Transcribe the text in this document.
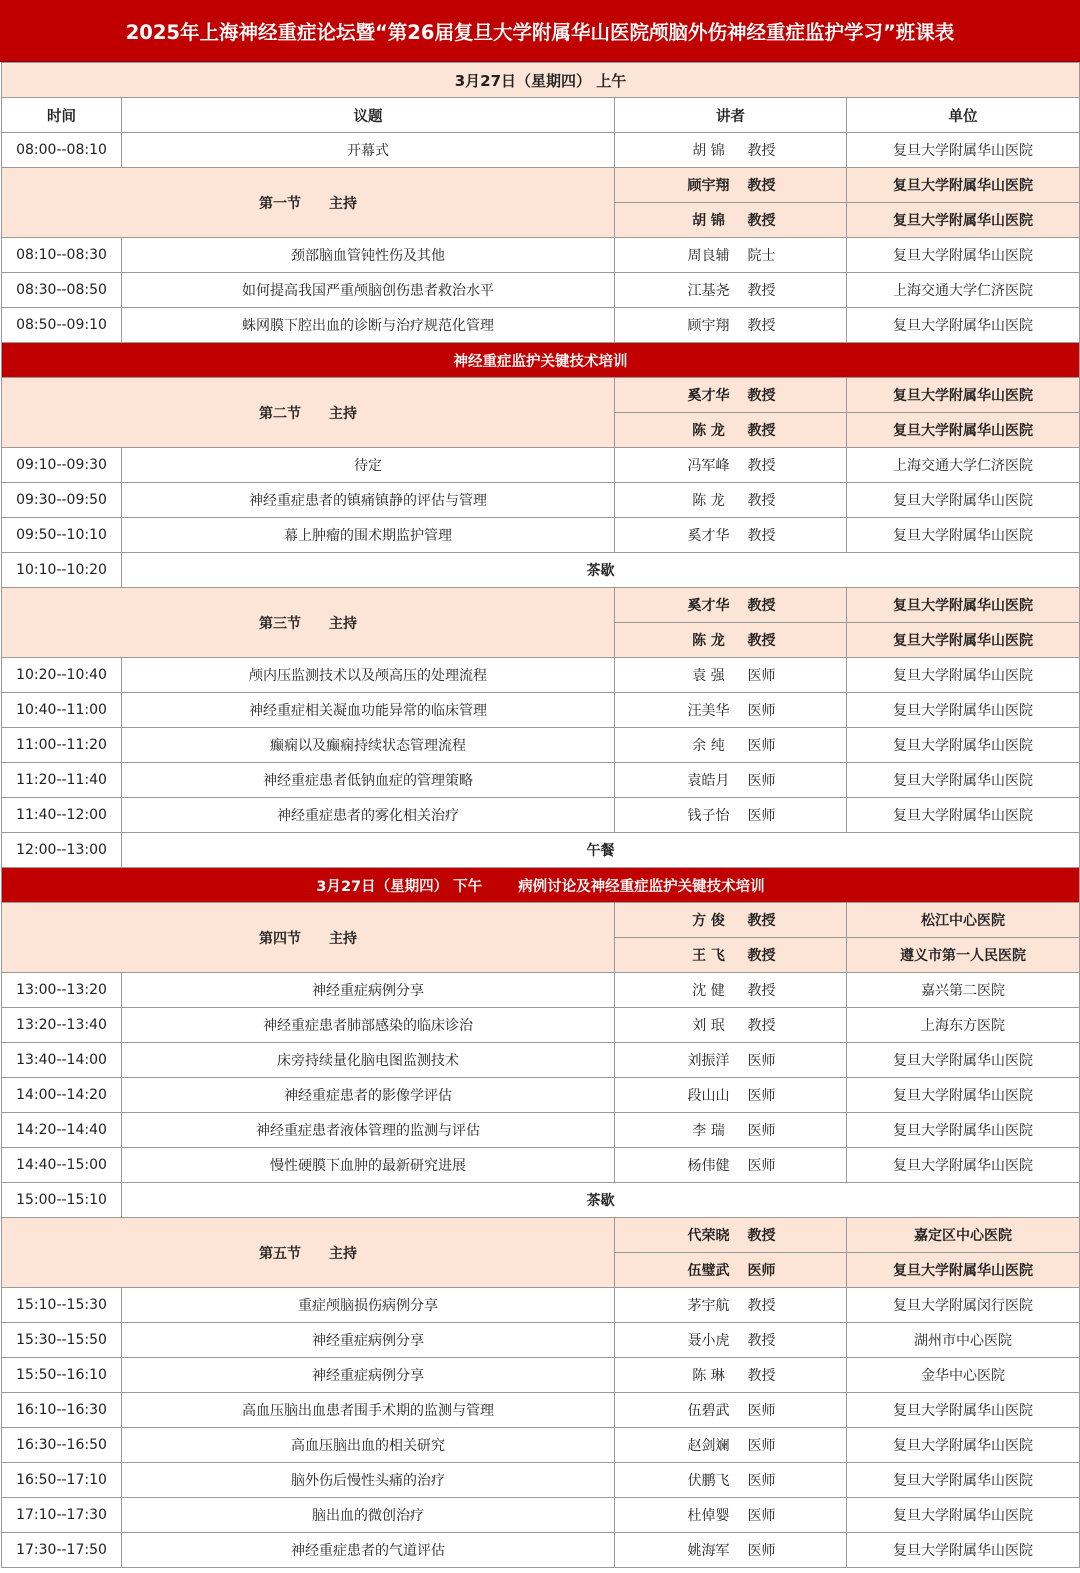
2025年上海神经重症论坛暨“第26届复旦大学附属华山医院颅脑外伤神经重症监护学习”班课表
3月27日（星期四） 上午			
时间	议题	讲者	单位
08:00--08:10	开幕式	胡 锦 教授	复旦大学附属华山医院
第一节 主持		顾宇翔 教授	复旦大学附属华山医院
		胡 锦 教授	复旦大学附属华山医院
08:10--08:30	颈部脑血管钝性伤及其他	周良辅 院士	复旦大学附属华山医院
08:30--08:50	如何提高我国严重颅脑创伤患者救治水平	江基尧 教授	上海交通大学仁济医院
08:50--09:10	蛛网膜下腔出血的诊断与治疗规范化管理	顾宇翔 教授	复旦大学附属华山医院
神经重症监护关键技术培训			
第二节 主持		奚才华 教授	复旦大学附属华山医院
		陈 龙 教授	复旦大学附属华山医院
09:10--09:30	待定	冯军峰 教授	上海交通大学仁济医院
09:30--09:50	神经重症患者的镇痛镇静的评估与管理	陈 龙 教授	复旦大学附属华山医院
09:50--10:10	幕上肿瘤的围术期监护管理	奚才华 教授	复旦大学附属华山医院
10:10--10:20	茶歇		
第三节 主持		奚才华 教授	复旦大学附属华山医院
		陈 龙 教授	复旦大学附属华山医院
10:20--10:40	颅内压监测技术以及颅高压的处理流程	袁 强 医师	复旦大学附属华山医院
10:40--11:00	神经重症相关凝血功能异常的临床管理	汪美华 医师	复旦大学附属华山医院
11:00--11:20	癫痫以及癫痫持续状态管理流程	余 纯 医师	复旦大学附属华山医院
11:20--11:40	神经重症患者低钠血症的管理策略	袁皓月 医师	复旦大学附属华山医院
11:40--12:00	神经重症患者的雾化相关治疗	钱子怡 医师	复旦大学附属华山医院
12:00--13:00	午餐		
3月27日（星期四） 下午 病例讨论及神经重症监护关键技术培训			
第四节 主持		方 俊 教授	松江中心医院
		王 飞 教授	遵义市第一人民医院
13:00--13:20	神经重症病例分享	沈 健 教授	嘉兴第二医院
13:20--13:40	神经重症患者肺部感染的临床诊治	刘 珉 教授	上海东方医院
13:40--14:00	床旁持续量化脑电图监测技术	刘振洋 医师	复旦大学附属华山医院
14:00--14:20	神经重症患者的影像学评估	段山山 医师	复旦大学附属华山医院
14:20--14:40	神经重症患者液体管理的监测与评估	李 瑞 医师	复旦大学附属华山医院
14:40--15:00	慢性硬膜下血肿的最新研究进展	杨伟健 医师	复旦大学附属华山医院
15:00--15:10	茶歇		
第五节 主持		代荣晓 教授	嘉定区中心医院
		伍璧武 医师	复旦大学附属华山医院
15:10--15:30	重症颅脑损伤病例分享	茅宇航 教授	复旦大学附属闵行医院
15:30--15:50	神经重症病例分享	聂小虎 教授	湖州市中心医院
15:50--16:10	神经重症病例分享	陈 琳 教授	金华中心医院
16:10--16:30	高血压脑出血患者围手术期的监测与管理	伍碧武 医师	复旦大学附属华山医院
16:30--16:50	高血压脑出血的相关研究	赵剑斓 医师	复旦大学附属华山医院
16:50--17:10	脑外伤后慢性头痛的治疗	伏鹏飞 医师	复旦大学附属华山医院
17:10--17:30	脑出血的微创治疗	杜倬婴 医师	复旦大学附属华山医院
17:30--17:50	神经重症患者的气道评估	姚海军 医师	复旦大学附属华山医院
